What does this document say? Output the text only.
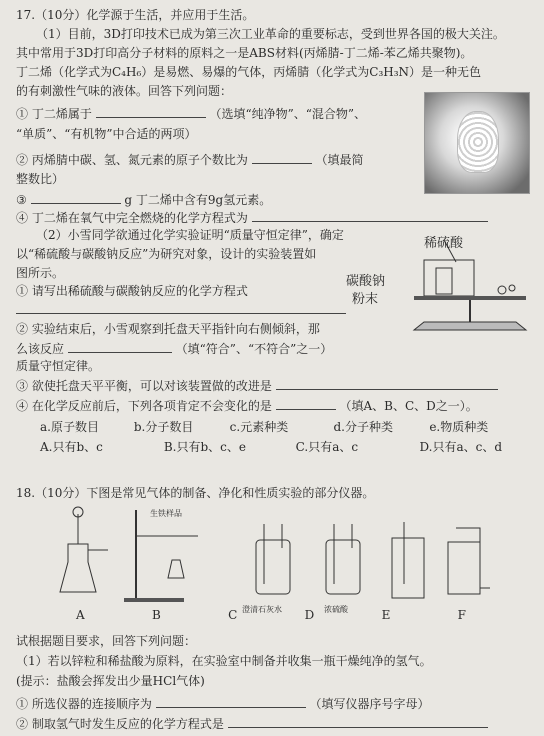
17.（10分）化学源于生活，并应用于生活。
（1）目前，3D打印技术已成为第三次工业革命的重要标志，受到世界各国的极大关注。
其中常用于3D打印高分子材料的原料之一是ABS材料(丙烯腈-丁二烯-苯乙烯共聚物)。
丁二烯（化学式为C₄H₆）是易燃、易爆的气体，丙烯腈（化学式为C₃H₃N）是一种无色
的有刺激性气味的液体。回答下列问题：
① 丁二烯属于	（选填“纯净物”、“混合物”、
“单质”、“有机物”中合适的两项）
② 丙烯腈中碳、氢、氮元素的原子个数比为	（填最简
整数比）
③	g 丁二烯中含有9g氢元素。
④ 丁二烯在氧气中完全燃烧的化学方程式为
（2）小雪同学欲通过化学实验证明“质量守恒定律”，确定
以“稀硫酸与碳酸钠反应”为研究对象，设计的实验装置如
图所示。
稀硫酸
碳酸钠
粉末
① 请写出稀硫酸与碳酸钠反应的化学方程式
② 实验结束后，小雪观察到托盘天平指针向右侧倾斜，那
么该反应	（填“符合”、“不符合”之一）
质量守恒定律。
③ 欲使托盘天平平衡，可以对该装置做的改进是
④ 在化学反应前后，下列各项肯定不会变化的是	（填A、B、C、D之一）。
a.原子数目	b.分子数目	c.元素种类	d.分子种类	e.物质种类
A.只有b、c	B.只有b、c、e	C.只有a、c	D.只有a、c、d
18.（10分）下图是常见气体的制备、净化和性质实验的部分仪器。
生铁样品
澄清石灰水	浓硫酸
A	B	C	D	E	F
试根据题目要求，回答下列问题：
（1）若以锌粒和稀盐酸为原料，在实验室中制备并收集一瓶干燥纯净的氢气。
(提示：盐酸会挥发出少量HCl气体)
① 所选仪器的连接顺序为	（填写仪器序号字母）
② 制取氢气时发生反应的化学方程式是
